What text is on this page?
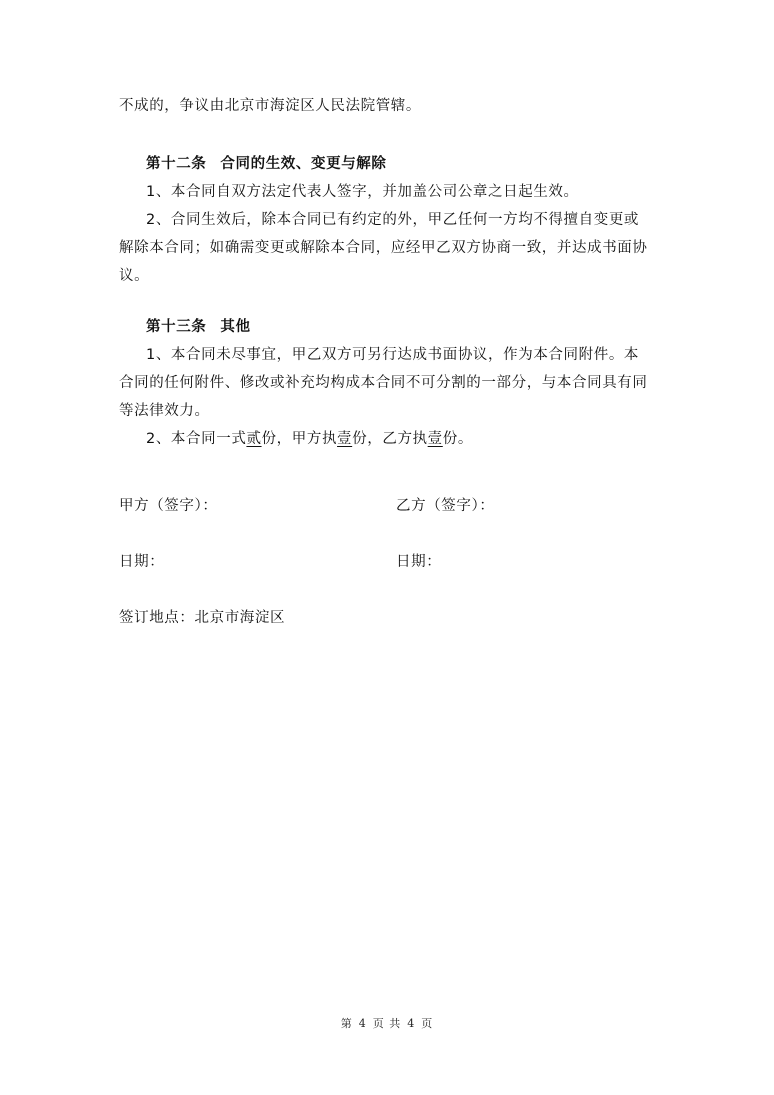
不成的，争议由北京市海淀区人民法院管辖。
第十二条 合同的生效、变更与解除
1、本合同自双方法定代表人签字，并加盖公司公章之日起生效。
2、合同生效后，除本合同已有约定的外，甲乙任何一方均不得擅自变更或
解除本合同；如确需变更或解除本合同，应经甲乙双方协商一致，并达成书面协
议。
第十三条 其他
1、本合同未尽事宜，甲乙双方可另行达成书面协议，作为本合同附件。本
合同的任何附件、修改或补充均构成本合同不可分割的一部分，与本合同具有同
等法律效力。
2、本合同一式贰份，甲方执壹份，乙方执壹份。
甲方（签字）：	乙方（签字）：
日期：	日期：
签订地点：北京市海淀区
第 4 页 共 4 页
